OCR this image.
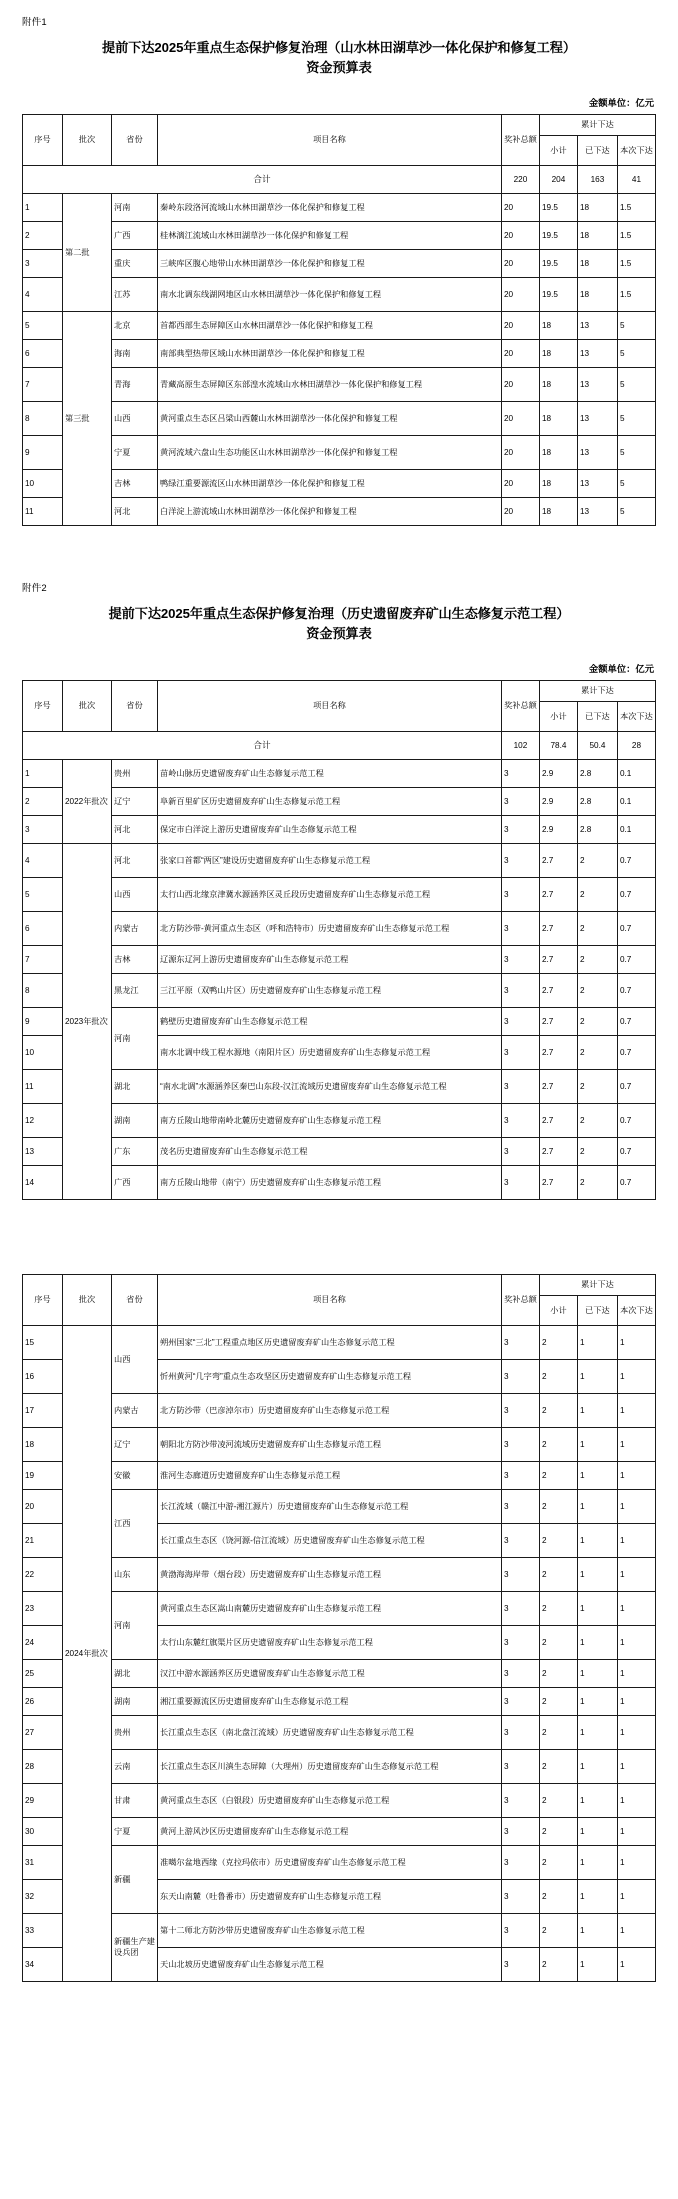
附件1
提前下达2025年重点生态保护修复治理（山水林田湖草沙一体化保护和修复工程）
资金预算表
金额单位：亿元
序号	批次	省份	项目名称	奖补总额	累计下达		
					小计	已下达	本次下达
合计				220	204	163	41
1	第二批	河南	秦岭东段洛河流域山水林田湖草沙一体化保护和修复工程	20	19.5	18	1.5
2		广西	桂林漓江流域山水林田湖草沙一体化保护和修复工程	20	19.5	18	1.5
3		重庆	三峡库区腹心地带山水林田湖草沙一体化保护和修复工程	20	19.5	18	1.5
4		江苏	南水北调东线湖网地区山水林田湖草沙一体化保护和修复工程	20	19.5	18	1.5
5	第三批	北京	首都西部生态屏障区山水林田湖草沙一体化保护和修复工程	20	18	13	5
6		海南	南部典型热带区域山水林田湖草沙一体化保护和修复工程	20	18	13	5
7		青海	青藏高原生态屏障区东部湟水流域山水林田湖草沙一体化保护和修复工程	20	18	13	5
8		山西	黄河重点生态区吕梁山西麓山水林田湖草沙一体化保护和修复工程	20	18	13	5
9		宁夏	黄河流域六盘山生态功能区山水林田湖草沙一体化保护和修复工程	20	18	13	5
10		吉林	鸭绿江重要源流区山水林田湖草沙一体化保护和修复工程	20	18	13	5
11		河北	白洋淀上游流域山水林田湖草沙一体化保护和修复工程	20	18	13	5
附件2
提前下达2025年重点生态保护修复治理（历史遗留废弃矿山生态修复示范工程）
资金预算表
金额单位：亿元
序号	批次	省份	项目名称	奖补总额	累计下达		
					小计	已下达	本次下达
合计				102	78.4	50.4	28
1	2022年批次	贵州	苗岭山脉历史遗留废弃矿山生态修复示范工程	3	2.9	2.8	0.1
2		辽宁	阜新百里矿区历史遗留废弃矿山生态修复示范工程	3	2.9	2.8	0.1
3		河北	保定市白洋淀上游历史遗留废弃矿山生态修复示范工程	3	2.9	2.8	0.1
4	2023年批次	河北	张家口首都“两区”建设历史遗留废弃矿山生态修复示范工程	3	2.7	2	0.7
5		山西	太行山西北缘京津冀水源涵养区灵丘段历史遗留废弃矿山生态修复示范工程	3	2.7	2	0.7
6		内蒙古	北方防沙带-黄河重点生态区（呼和浩特市）历史遗留废弃矿山生态修复示范工程	3	2.7	2	0.7
7		吉林	辽源东辽河上游历史遗留废弃矿山生态修复示范工程	3	2.7	2	0.7
8		黑龙江	三江平原（双鸭山片区）历史遗留废弃矿山生态修复示范工程	3	2.7	2	0.7
9		河南	鹤壁历史遗留废弃矿山生态修复示范工程	3	2.7	2	0.7
10			南水北调中线工程水源地（南阳片区）历史遗留废弃矿山生态修复示范工程	3	2.7	2	0.7
11		湖北	“南水北调”水源涵养区秦巴山东段-汉江流域历史遗留废弃矿山生态修复示范工程	3	2.7	2	0.7
12		湖南	南方丘陵山地带南岭北麓历史遗留废弃矿山生态修复示范工程	3	2.7	2	0.7
13		广东	茂名历史遗留废弃矿山生态修复示范工程	3	2.7	2	0.7
14		广西	南方丘陵山地带（南宁）历史遗留废弃矿山生态修复示范工程	3	2.7	2	0.7
序号	批次	省份	项目名称	奖补总额	累计下达		
					小计	已下达	本次下达
15	2024年批次	山西	朔州国家“三北”工程重点地区历史遗留废弃矿山生态修复示范工程	3	2	1	1
16			忻州黄河“几字弯”重点生态攻坚区历史遗留废弃矿山生态修复示范工程	3	2	1	1
17		内蒙古	北方防沙带（巴彦淖尔市）历史遗留废弃矿山生态修复示范工程	3	2	1	1
18		辽宁	朝阳北方防沙带凌河流域历史遗留废弃矿山生态修复示范工程	3	2	1	1
19		安徽	淮河生态廊道历史遗留废弃矿山生态修复示范工程	3	2	1	1
20		江西	长江流域（赣江中游-湘江源片）历史遗留废弃矿山生态修复示范工程	3	2	1	1
21			长江重点生态区（饶河源-信江流域）历史遗留废弃矿山生态修复示范工程	3	2	1	1
22		山东	黄渤海海岸带（烟台段）历史遗留废弃矿山生态修复示范工程	3	2	1	1
23		河南	黄河重点生态区嵩山南麓历史遗留废弃矿山生态修复示范工程	3	2	1	1
24			太行山东麓红旗渠片区历史遗留废弃矿山生态修复示范工程	3	2	1	1
25		湖北	汉江中游水源涵养区历史遗留废弃矿山生态修复示范工程	3	2	1	1
26		湖南	湘江重要源流区历史遗留废弃矿山生态修复示范工程	3	2	1	1
27		贵州	长江重点生态区（南北盘江流域）历史遗留废弃矿山生态修复示范工程	3	2	1	1
28		云南	长江重点生态区川滇生态屏障（大理州）历史遗留废弃矿山生态修复示范工程	3	2	1	1
29		甘肃	黄河重点生态区（白银段）历史遗留废弃矿山生态修复示范工程	3	2	1	1
30		宁夏	黄河上游风沙区历史遗留废弃矿山生态修复示范工程	3	2	1	1
31		新疆	准噶尔盆地西缘（克拉玛依市）历史遗留废弃矿山生态修复示范工程	3	2	1	1
32			东天山南麓（吐鲁番市）历史遗留废弃矿山生态修复示范工程	3	2	1	1
33		新疆生产建设兵团	第十二师北方防沙带历史遗留废弃矿山生态修复示范工程	3	2	1	1
34			天山北坡历史遗留废弃矿山生态修复示范工程	3	2	1	1
